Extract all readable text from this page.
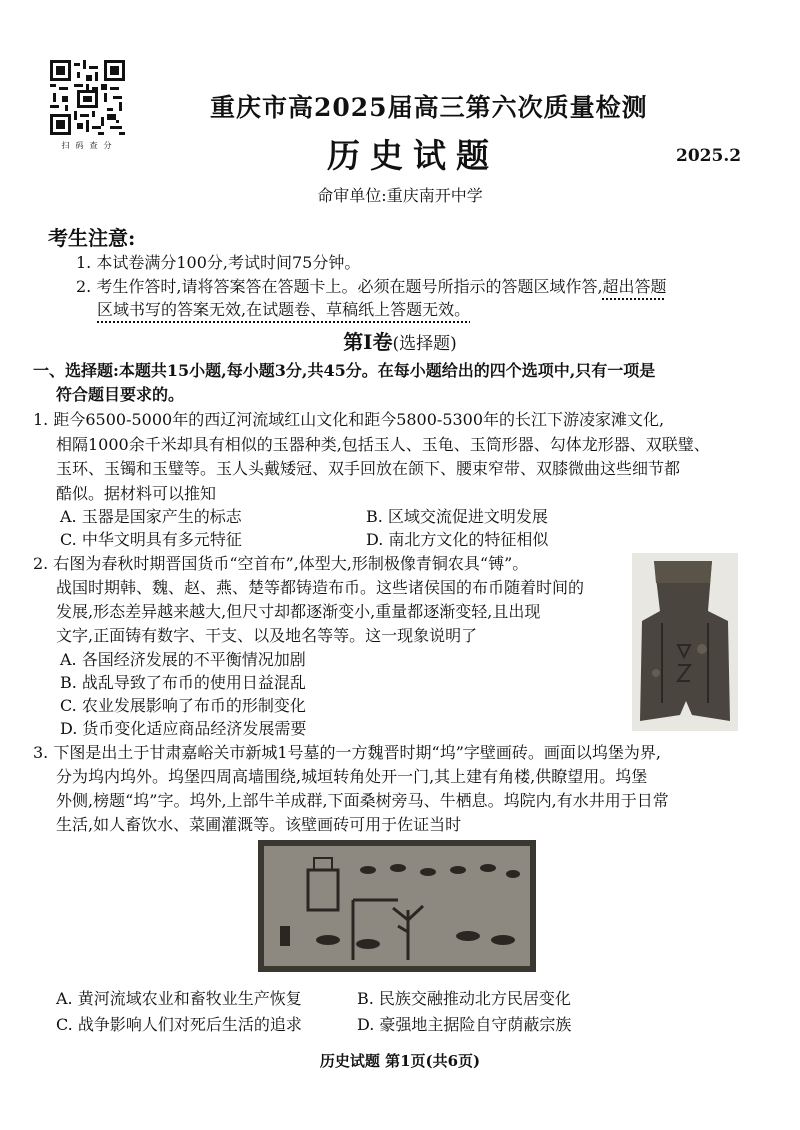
扫码查分
重庆市高2025届高三第六次质量检测
历史试题	2025.2
命审单位:重庆南开中学
考生注意:
1. 本试卷满分100分,考试时间75分钟。
2. 考生作答时,请将答案答在答题卡上。必须在题号所指示的答题区域作答,超出答题
区域书写的答案无效,在试题卷、草稿纸上答题无效。
第Ⅰ卷(选择题)
一、选择题:本题共15小题,每小题3分,共45分。在每小题给出的四个选项中,只有一项是
符合题目要求的。
1. 距今6500-5000年的西辽河流域红山文化和距今5800-5300年的长江下游凌家滩文化,
相隔1000余千米却具有相似的玉器种类,包括玉人、玉龟、玉筒形器、勾体龙形器、双联璧、
玉环、玉镯和玉璧等。玉人头戴矮冠、双手回放在颌下、腰束窄带、双膝微曲这些细节都
酷似。据材料可以推知
A. 玉器是国家产生的标志	B. 区域交流促进文明发展
C. 中华文明具有多元特征	D. 南北方文化的特征相似
2. 右图为春秋时期晋国货币“空首布”,体型大,形制极像青铜农具“镈”。
战国时期韩、魏、赵、燕、楚等都铸造布币。这些诸侯国的布币随着时间的
发展,形态差异越来越大,但尺寸却都逐渐变小,重量都逐渐变轻,且出现
文字,正面铸有数字、干支、以及地名等等。这一现象说明了
A. 各国经济发展的不平衡情况加剧
B. 战乱导致了布币的使用日益混乱
C. 农业发展影响了布币的形制变化
D. 货币变化适应商品经济发展需要
3. 下图是出土于甘肃嘉峪关市新城1号墓的一方魏晋时期“坞”字壁画砖。画面以坞堡为界,
分为坞内坞外。坞堡四周高墙围绕,城垣转角处开一门,其上建有角楼,供瞭望用。坞堡
外侧,榜题“坞”字。坞外,上部牛羊成群,下面桑树旁马、牛栖息。坞院内,有水井用于日常
生活,如人畜饮水、菜圃灌溉等。该壁画砖可用于佐证当时
A. 黄河流域农业和畜牧业生产恢复	B. 民族交融推动北方民居变化
C. 战争影响人们对死后生活的追求	D. 豪强地主据险自守荫蔽宗族
历史试题 第1页(共6页)
